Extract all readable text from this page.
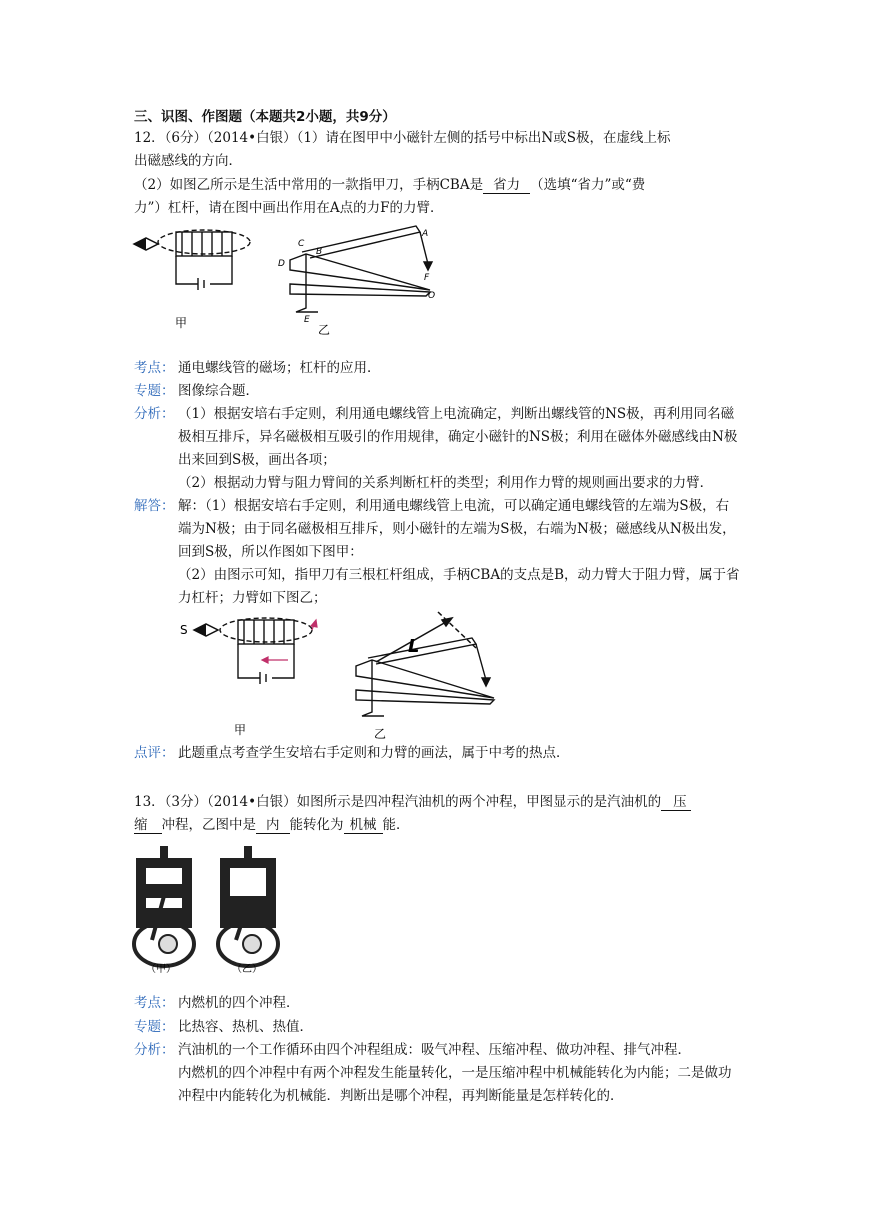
三、识图、作图题（本题共2小题，共9分）
12．（6分）（2014•白银）（1）请在图甲中小磁针左侧的括号中标出N或S极，在虚线上标
出磁感线的方向．
（2）如图乙所示是生活中常用的一款指甲刀，手柄CBA是 省力 （选填“省力”或“费
力”）杠杆，请在图中画出作用在A点的力F的力臂．
甲
C
B
A
D
F
E
O
乙
考点： 通电螺线管的磁场；杠杆的应用．
专题： 图像综合题．
分析： （1）根据安培右手定则，利用通电螺线管上电流确定，判断出螺线管的NS极，再利用同名磁
极相互排斥，异名磁极相互吸引的作用规律，确定小磁针的NS极；利用在磁体外磁感线由N极
出来回到S极，画出各项；
（2）根据动力臂与阻力臂间的关系判断杠杆的类型；利用作力臂的规则画出要求的力臂．
解答： 解：（1）根据安培右手定则，利用通电螺线管上电流，可以确定通电螺线管的左端为S极，右
端为N极；由于同名磁极相互排斥，则小磁针的左端为S极，右端为N极；磁感线从N极出发，
回到S极，所以作图如下图甲：
（2）由图示可知，指甲刀有三根杠杆组成，手柄CBA的支点是B，动力臂大于阻力臂，属于省
力杠杆；力臂如下图乙；
S
甲
L
乙
点评： 此题重点考查学生安培右手定则和力臂的画法，属于中考的热点．
13．（3分）（2014•白银）如图所示是四冲程汽油机的两个冲程，甲图显示的是汽油机的 压
缩 冲程，乙图中是 内 能转化为 机械 能．
（甲）	（乙）
考点： 内燃机的四个冲程．
专题： 比热容、热机、热值．
分析： 汽油机的一个工作循环由四个冲程组成：吸气冲程、压缩冲程、做功冲程、排气冲程．
内燃机的四个冲程中有两个冲程发生能量转化，一是压缩冲程中机械能转化为内能；二是做功
冲程中内能转化为机械能．判断出是哪个冲程，再判断能量是怎样转化的．
